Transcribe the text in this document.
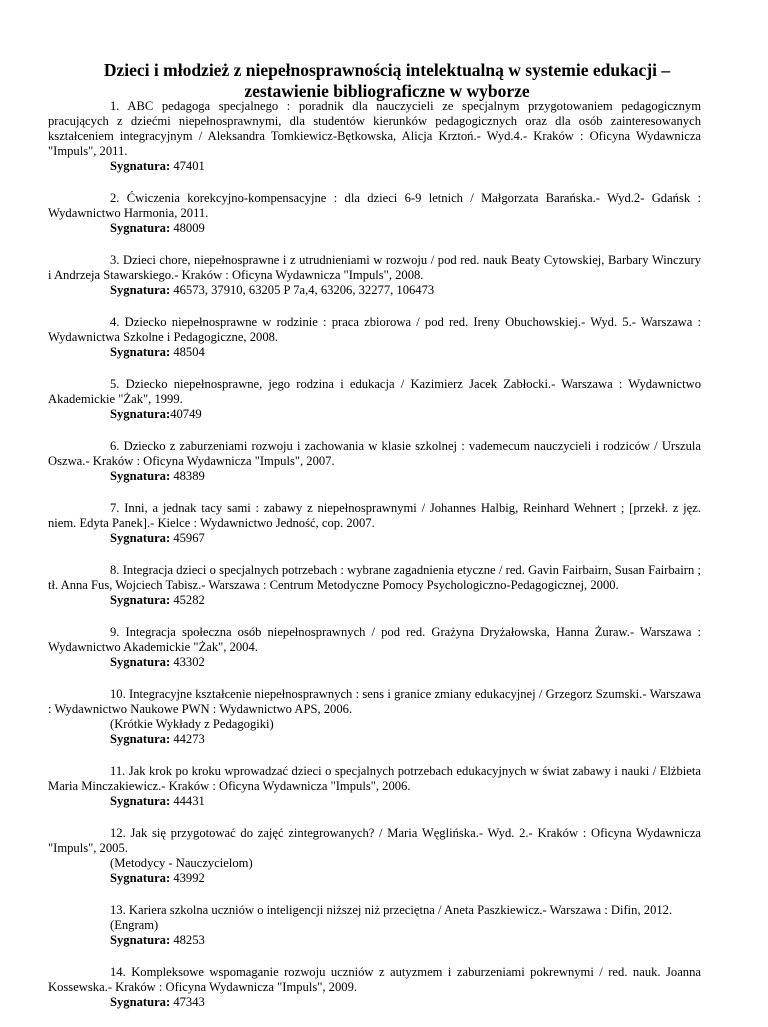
Dzieci i młodzież z niepełnosprawnością intelektualną w systemie edukacji –
zestawienie bibliograficzne w wyborze
1. ABC pedagoga specjalnego : poradnik dla nauczycieli ze specjalnym przygotowaniem pedagogicznym pracujących z dziećmi niepełnosprawnymi, dla studentów kierunków pedagogicznych oraz dla osób zainteresowanych kształceniem integracyjnym / Aleksandra Tomkiewicz-Bętkowska, Alicja Krztoń.- Wyd.4.- Kraków : Oficyna Wydawnicza "Impuls", 2011.
Sygnatura: 47401
2. Ćwiczenia korekcyjno-kompensacyjne : dla dzieci 6-9 letnich / Małgorzata Barańska.- Wyd.2- Gdańsk : Wydawnictwo Harmonia, 2011.
Sygnatura: 48009
3. Dzieci chore, niepełnosprawne i z utrudnieniami w rozwoju / pod red. nauk Beaty Cytowskiej, Barbary Winczury i Andrzeja Stawarskiego.- Kraków : Oficyna Wydawnicza "Impuls", 2008.
Sygnatura: 46573, 37910, 63205 P 7a,4, 63206, 32277, 106473
4. Dziecko niepełnosprawne w rodzinie : praca zbiorowa / pod red. Ireny Obuchowskiej.- Wyd. 5.- Warszawa : Wydawnictwa Szkolne i Pedagogiczne, 2008.
Sygnatura: 48504
5. Dziecko niepełnosprawne, jego rodzina i edukacja / Kazimierz Jacek Zabłocki.- Warszawa : Wydawnictwo Akademickie "Żak", 1999.
Sygnatura:40749
6. Dziecko z zaburzeniami rozwoju i zachowania w klasie szkolnej : vademecum nauczycieli i rodziców / Urszula Oszwa.- Kraków : Oficyna Wydawnicza "Impuls", 2007.
Sygnatura: 48389
7. Inni, a jednak tacy sami : zabawy z niepełnosprawnymi / Johannes Halbig, Reinhard Wehnert ; [przekł. z jęz. niem. Edyta Panek].- Kielce : Wydawnictwo Jedność, cop. 2007.
Sygnatura: 45967
8. Integracja dzieci o specjalnych potrzebach : wybrane zagadnienia etyczne / red. Gavin Fairbairn, Susan Fairbairn ; tł. Anna Fus, Wojciech Tabisz.- Warszawa : Centrum Metodyczne Pomocy Psychologiczno-Pedagogicznej, 2000.
Sygnatura: 45282
9. Integracja społeczna osób niepełnosprawnych / pod red. Grażyna Dryżałowska, Hanna Żuraw.- Warszawa : Wydawnictwo Akademickie "Żak", 2004.
Sygnatura: 43302
10. Integracyjne kształcenie niepełnosprawnych : sens i granice zmiany edukacyjnej / Grzegorz Szumski.- Warszawa : Wydawnictwo Naukowe PWN : Wydawnictwo APS, 2006.
(Krótkie Wykłady z Pedagogiki)
Sygnatura: 44273
11. Jak krok po kroku wprowadzać dzieci o specjalnych potrzebach edukacyjnych w świat zabawy i nauki / Elżbieta Maria Minczakiewicz.- Kraków : Oficyna Wydawnicza "Impuls", 2006.
Sygnatura: 44431
12. Jak się przygotować do zajęć zintegrowanych? / Maria Węglińska.- Wyd. 2.- Kraków : Oficyna Wydawnicza "Impuls", 2005.
(Metodycy - Nauczycielom)
Sygnatura: 43992
13. Kariera szkolna uczniów o inteligencji niższej niż przeciętna / Aneta Paszkiewicz.- Warszawa : Difin, 2012.
(Engram)
Sygnatura: 48253
14. Kompleksowe wspomaganie rozwoju uczniów z autyzmem i zaburzeniami pokrewnymi / red. nauk. Joanna Kossewska.- Kraków : Oficyna Wydawnicza "Impuls", 2009.
Sygnatura: 47343
